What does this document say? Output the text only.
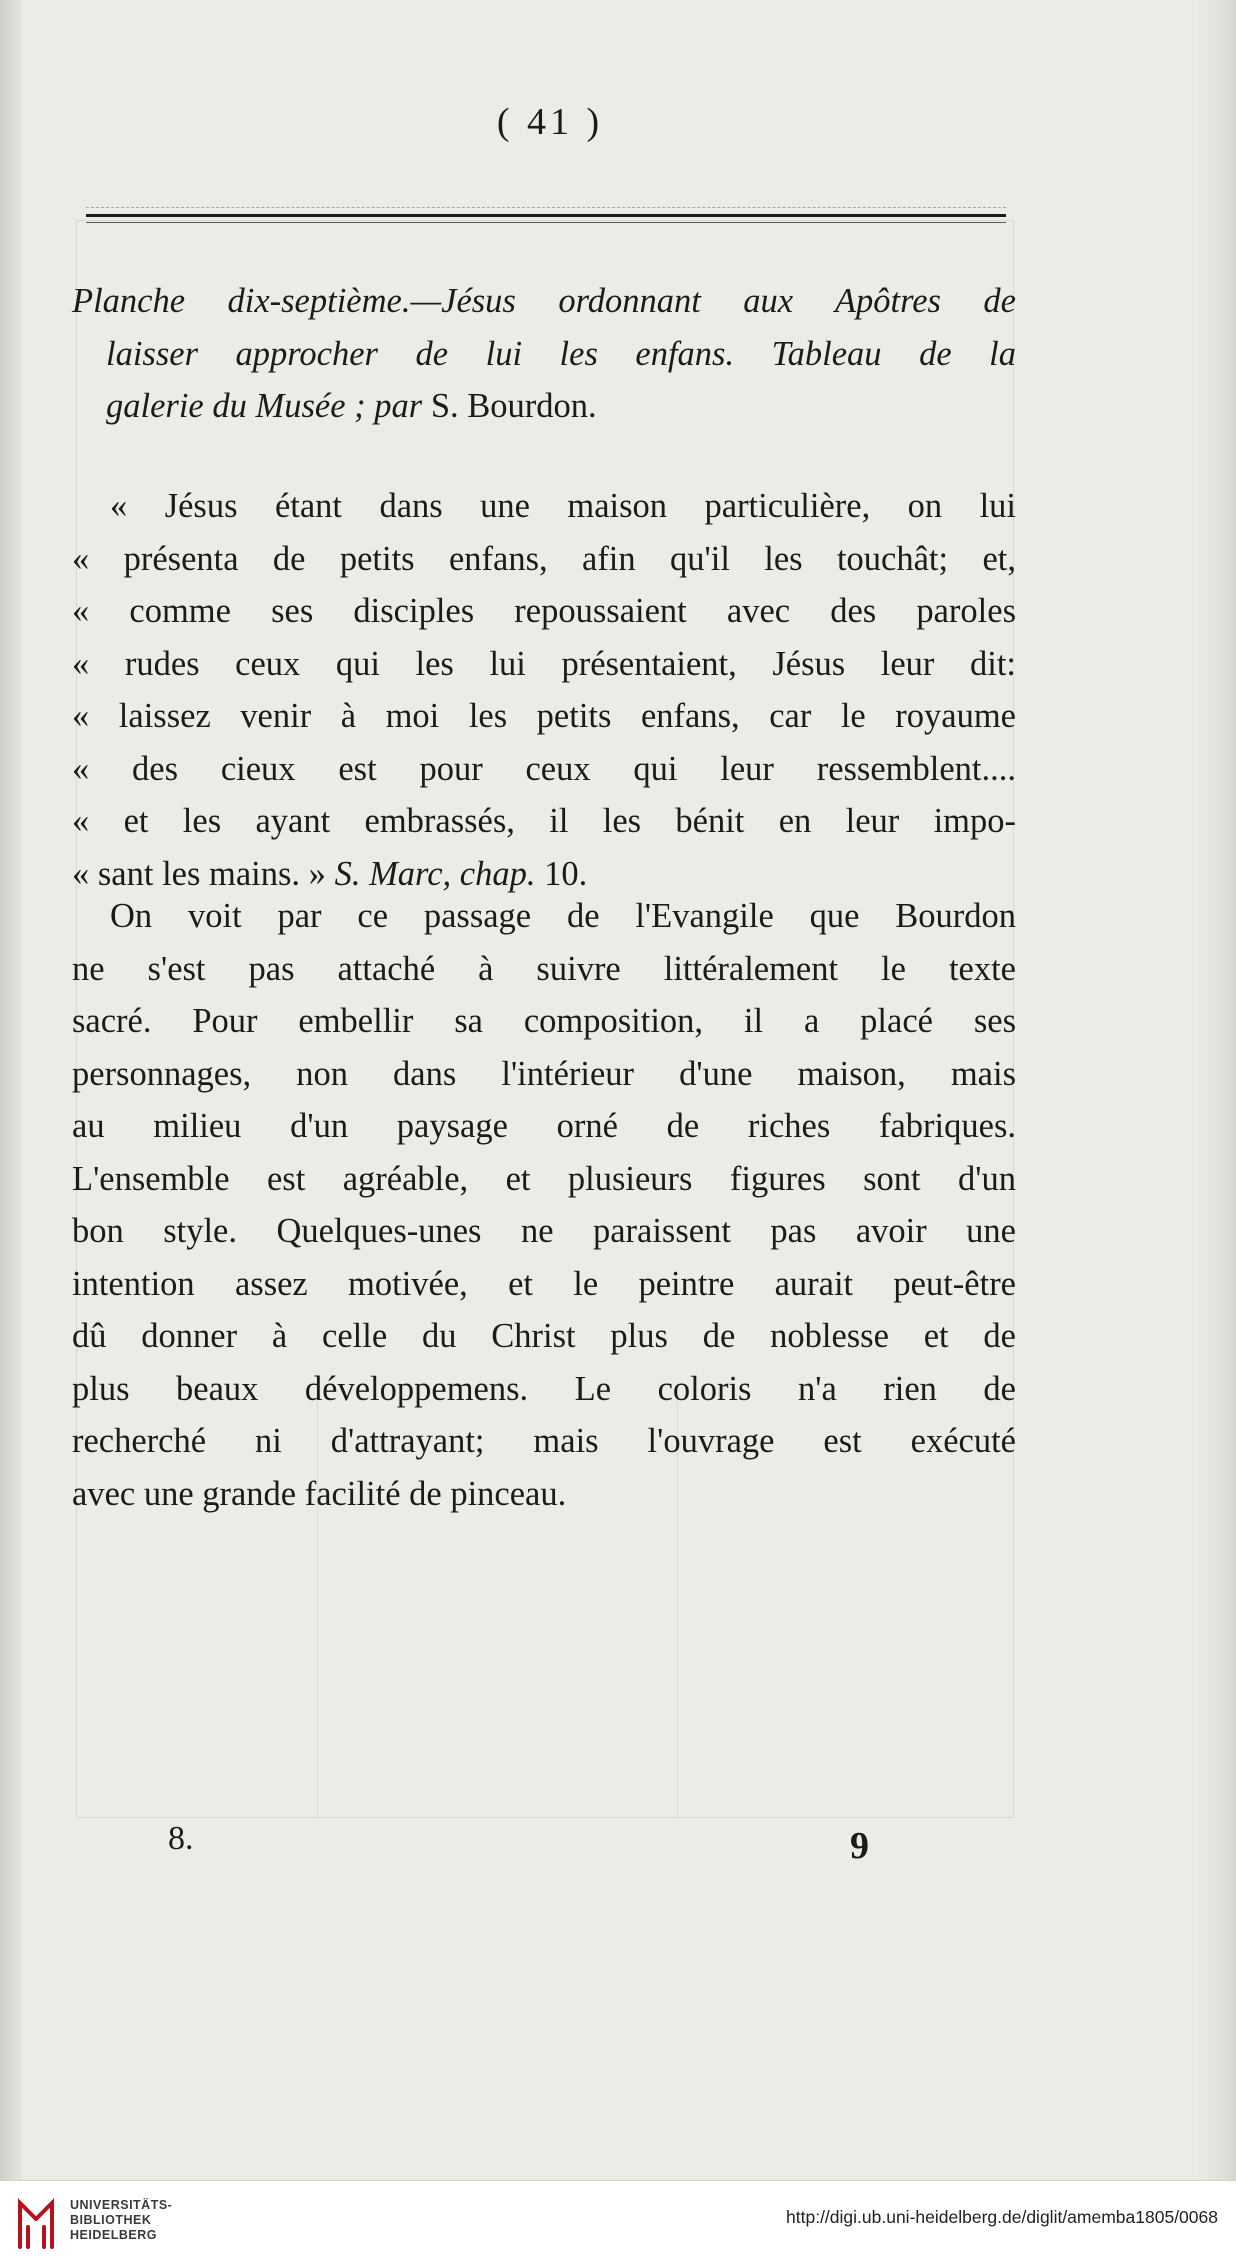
( 41 )
Planche dix-septième.—Jésus ordonnant aux Apôtres de
laisser approcher de lui les enfans. Tableau de la
galerie du Musée ; par S. Bourdon.
« Jésus étant dans une maison particulière, on lui
« présenta de petits enfans, afin qu'il les touchât; et,
« comme ses disciples repoussaient avec des paroles
« rudes ceux qui les lui présentaient, Jésus leur dit:
« laissez venir à moi les petits enfans, car le royaume
« des cieux est pour ceux qui leur ressemblent....
« et les ayant embrassés, il les bénit en leur impo-
« sant les mains. » S. Marc, chap. 10.
On voit par ce passage de l'Evangile que Bourdon
ne s'est pas attaché à suivre littéralement le texte
sacré. Pour embellir sa composition, il a placé ses
personnages, non dans l'intérieur d'une maison, mais
au milieu d'un paysage orné de riches fabriques.
L'ensemble est agréable, et plusieurs figures sont d'un
bon style. Quelques-unes ne paraissent pas avoir une
intention assez motivée, et le peintre aurait peut-être
dû donner à celle du Christ plus de noblesse et de
plus beaux développemens. Le coloris n'a rien de
recherché ni d'attrayant; mais l'ouvrage est exécuté
avec une grande facilité de pinceau.
8.	9
UNIVERSITÄTS-
BIBLIOTHEK
HEIDELBERG
http://digi.ub.uni-heidelberg.de/diglit/amemba1805/0068
